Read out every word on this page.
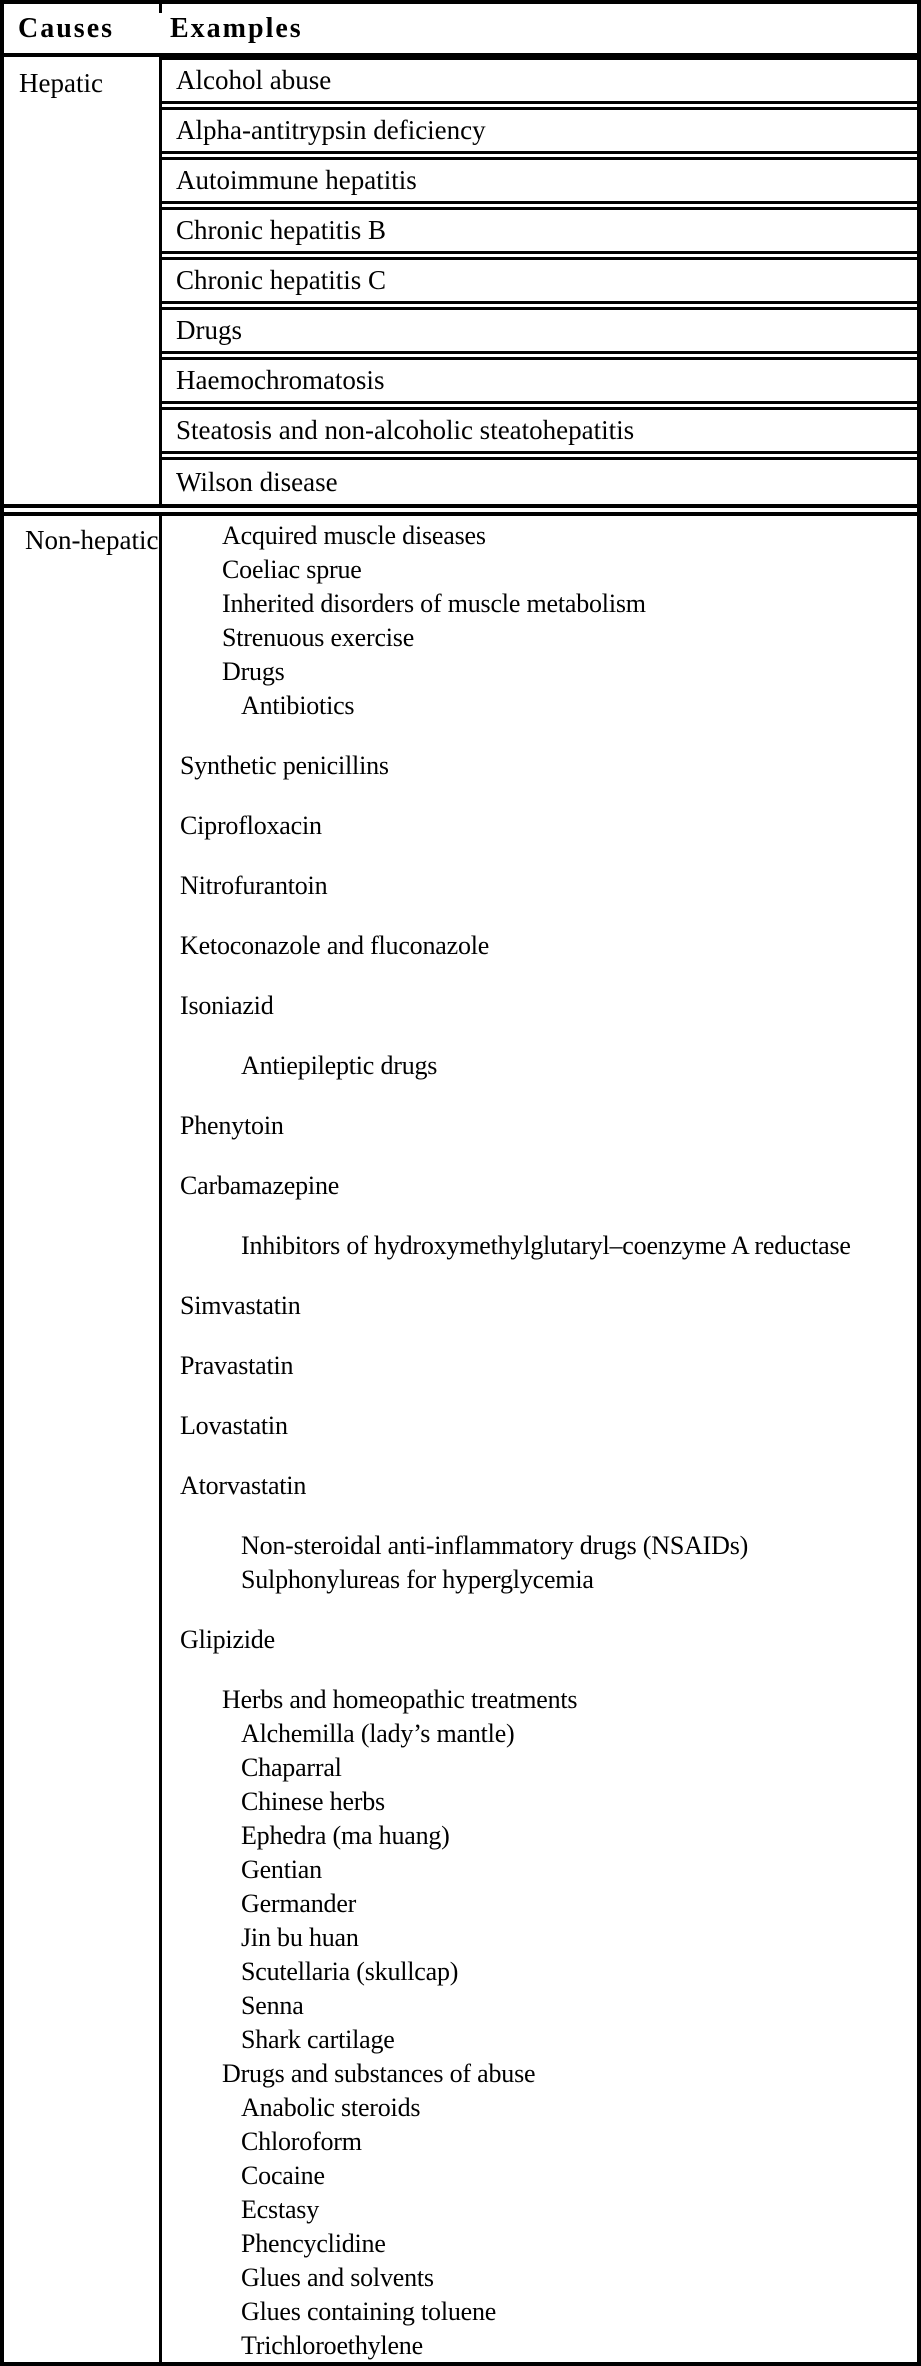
Causes Examples
Hepatic	Alcohol abuse
Alpha-antitrypsin deficiency
Autoimmune hepatitis
Chronic hepatitis B
Chronic hepatitis C
Drugs
Haemochromatosis
Steatosis and non-alcoholic steatohepatitis
Wilson disease
Non-hepatic	Acquired muscle diseases
Coeliac sprue
Inherited disorders of muscle metabolism
Strenuous exercise
Drugs
Antibiotics
Synthetic penicillins
Ciprofloxacin
Nitrofurantoin
Ketoconazole and fluconazole
Isoniazid
Antiepileptic drugs
Phenytoin
Carbamazepine
Inhibitors of hydroxymethylglutaryl–coenzyme A reductase
Simvastatin
Pravastatin
Lovastatin
Atorvastatin
Non-steroidal anti-inflammatory drugs (NSAIDs)
Sulphonylureas for hyperglycemia
Glipizide
Herbs and homeopathic treatments
Alchemilla (lady’s mantle)
Chaparral
Chinese herbs
Ephedra (ma huang)
Gentian
Germander
Jin bu huan
Scutellaria (skullcap)
Senna
Shark cartilage
Drugs and substances of abuse
Anabolic steroids
Chloroform
Cocaine
Ecstasy
Phencyclidine
Glues and solvents
Glues containing toluene
Trichloroethylene
